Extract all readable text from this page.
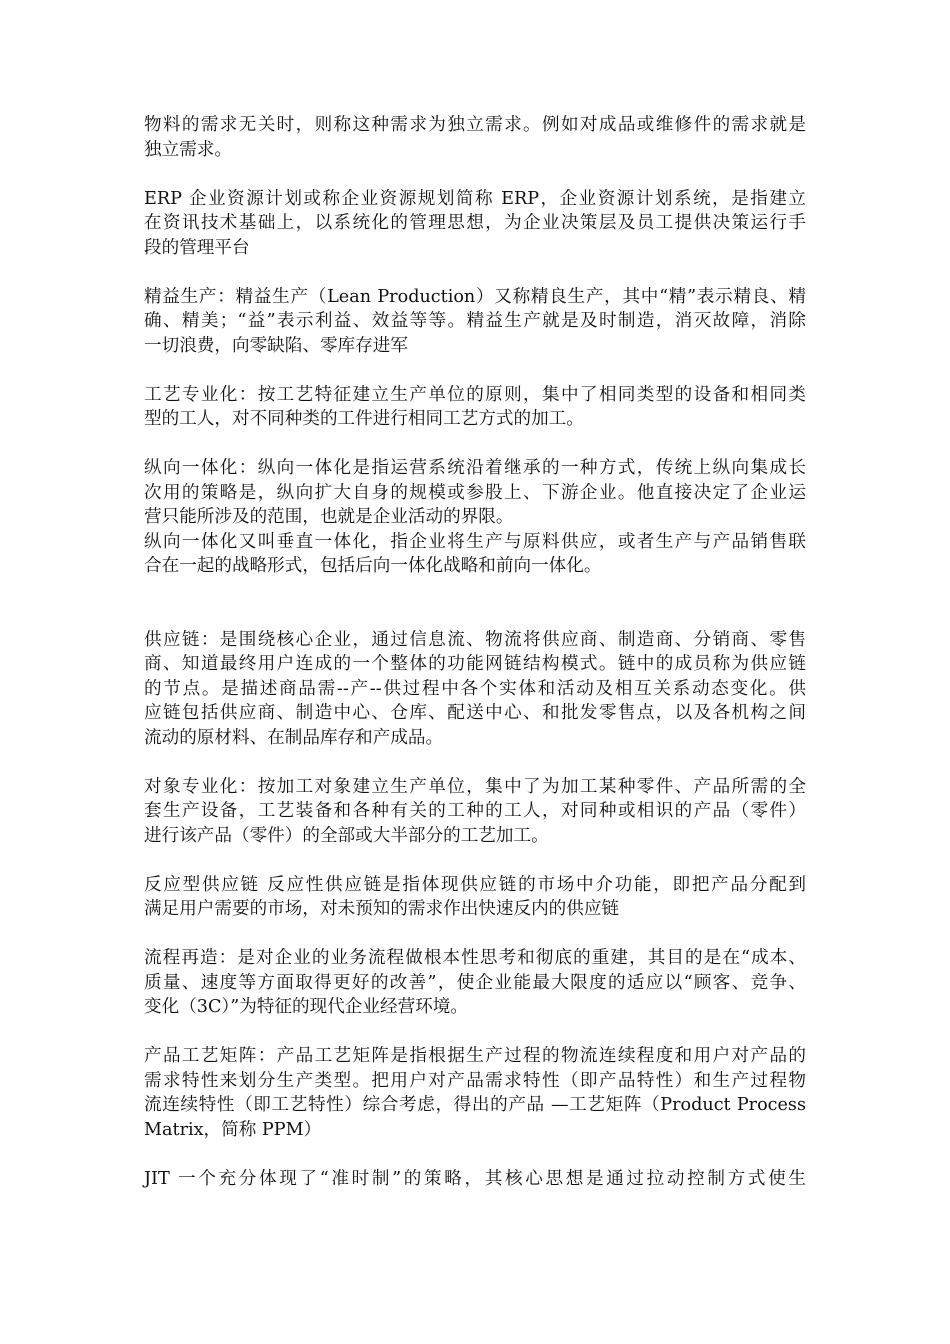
物料的需求无关时，则称这种需求为独立需求。例如对成品或维修件的需求就是
独立需求。
ERP 企业资源计划或称企业资源规划简称 ERP，企业资源计划系统，是指建立
在资讯技术基础上，以系统化的管理思想，为企业决策层及员工提供决策运行手
段的管理平台
精益生产：精益生产（Lean Production）又称精良生产，其中“精”表示精良、精
确、精美；“益”表示利益、效益等等。精益生产就是及时制造，消灭故障，消除
一切浪费，向零缺陷、零库存进军
工艺专业化：按工艺特征建立生产单位的原则，集中了相同类型的设备和相同类
型的工人，对不同种类的工件进行相同工艺方式的加工。
纵向一体化：纵向一体化是指运营系统沿着继承的一种方式，传统上纵向集成长
次用的策略是，纵向扩大自身的规模或参股上、下游企业。他直接决定了企业运
营只能所涉及的范围，也就是企业活动的界限。
纵向一体化又叫垂直一体化，指企业将生产与原料供应，或者生产与产品销售联
合在一起的战略形式，包括后向一体化战略和前向一体化。
供应链：是围绕核心企业，通过信息流、物流将供应商、制造商、分销商、零售
商、知道最终用户连成的一个整体的功能网链结构模式。链中的成员称为供应链
的节点。是描述商品需--产--供过程中各个实体和活动及相互关系动态变化。供
应链包括供应商、制造中心、仓库、配送中心、和批发零售点，以及各机构之间
流动的原材料、在制品库存和产成品。
对象专业化：按加工对象建立生产单位，集中了为加工某种零件、产品所需的全
套生产设备，工艺装备和各种有关的工种的工人，对同种或相识的产品（零件）
进行该产品（零件）的全部或大半部分的工艺加工。
反应型供应链 反应性供应链是指体现供应链的市场中介功能，即把产品分配到
满足用户需要的市场，对未预知的需求作出快速反内的供应链
流程再造：是对企业的业务流程做根本性思考和彻底的重建，其目的是在“成本、
质量、速度等方面取得更好的改善”，使企业能最大限度的适应以“顾客、竞争、
变化（3C）”为特征的现代企业经营环境。
产品工艺矩阵：产品工艺矩阵是指根据生产过程的物流连续程度和用户对产品的
需求特性来划分生产类型。把用户对产品需求特性（即产品特性）和生产过程物
流连续特性（即工艺特性）综合考虑，得出的产品 —工艺矩阵（Product Process
Matrix，简称 PPM）
JIT 一个充分体现了“准时制”的策略，其核心思想是通过拉动控制方式使生
